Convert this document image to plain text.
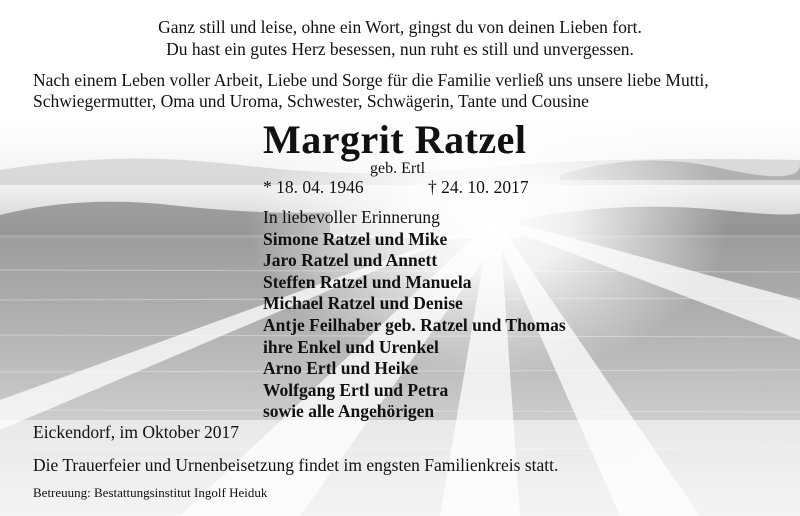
Ganz still und leise, ohne ein Wort, gingst du von deinen Lieben fort.

Du hast ein gutes Herz besessen, nun ruht es still und unvergessen.

Nach einem Leben voller Arbeit, Liebe und Sorge für die Familie verließ uns unsere liebe Mutti,

Schwiegermutter, Oma und Uroma, Schwester, Schwägerin, Tante und Cousine

Margrit Ratzel

geb. Ertl

* 18. 04. 1946	† 24. 10. 2017

In liebevoller Erinnerung
Simone Ratzel und Mike
Jaro Ratzel und Annett
Steffen Ratzel und Manuela
Michael Ratzel und Denise
Antje Feilhaber geb. Ratzel und Thomas
ihre Enkel und Urenkel
Arno Ertl und Heike
Wolfgang Ertl und Petra
sowie alle Angehörigen

Eickendorf, im Oktober 2017

Die Trauerfeier und Urnenbeisetzung findet im engsten Familienkreis statt.

Betreuung: Bestattungsinstitut Ingolf Heiduk
